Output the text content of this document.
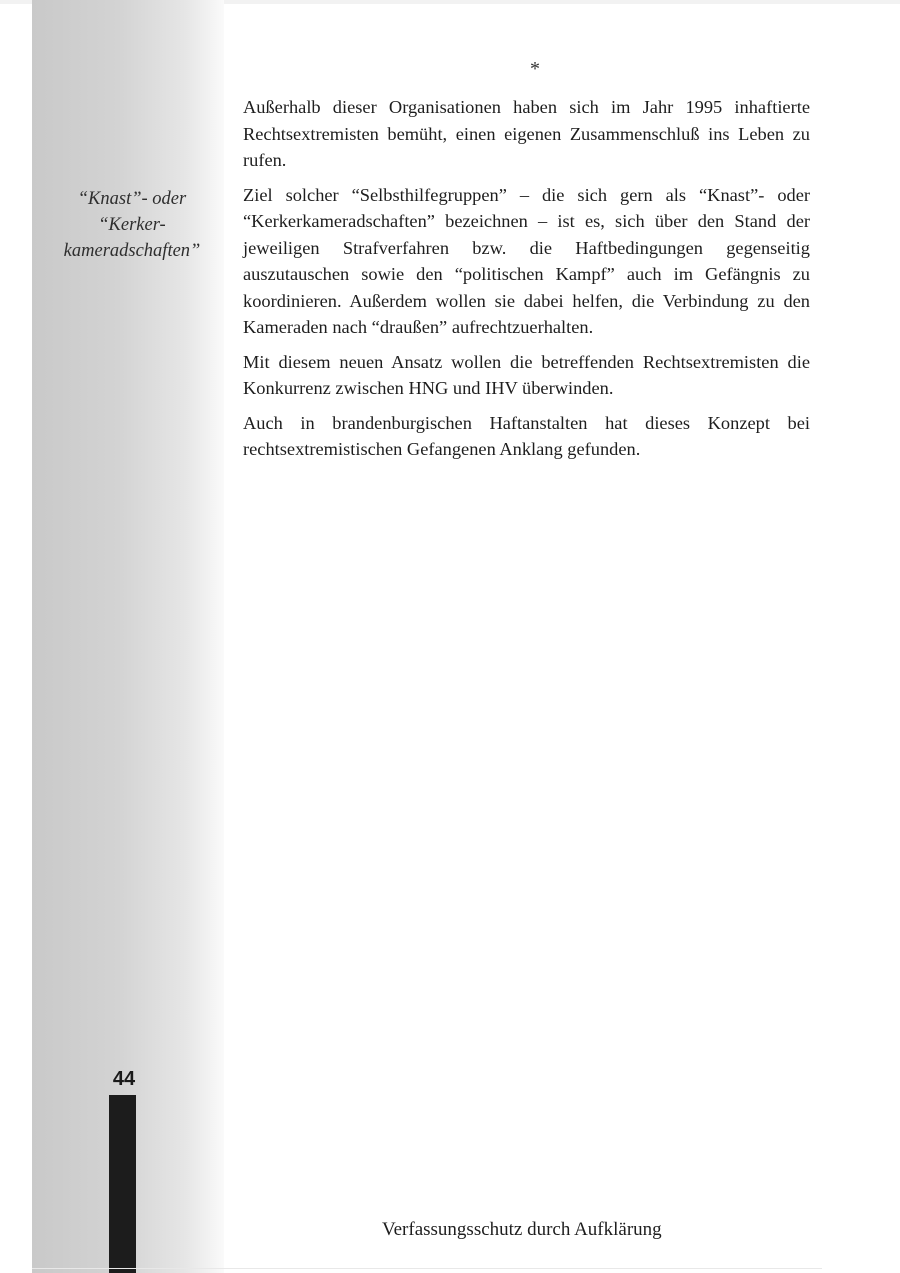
“Knast”- oder
“Kerker-
kameradschaften”
*

Außerhalb dieser Organisationen haben sich im Jahr 1995 inhaftierte Rechtsextremisten bemüht, einen eigenen Zusammenschluß ins Leben zu rufen.

Ziel solcher “Selbsthilfegruppen” – die sich gern als “Knast”- oder “Kerkerkameradschaften” bezeichnen – ist es, sich über den Stand der jeweiligen Strafverfahren bzw. die Haftbedingungen gegenseitig auszutauschen sowie den “politischen Kampf” auch im Gefängnis zu koordinieren. Außerdem wollen sie dabei helfen, die Verbindung zu den Kameraden nach “draußen” aufrechtzuerhalten.

Mit diesem neuen Ansatz wollen die betreffenden Rechtsextremisten die Konkurrenz zwischen HNG und IHV überwinden.

Auch in brandenburgischen Haftanstalten hat dieses Konzept bei rechtsextremistischen Gefangenen Anklang gefunden.

44
Verfassungsschutz durch Aufklärung
